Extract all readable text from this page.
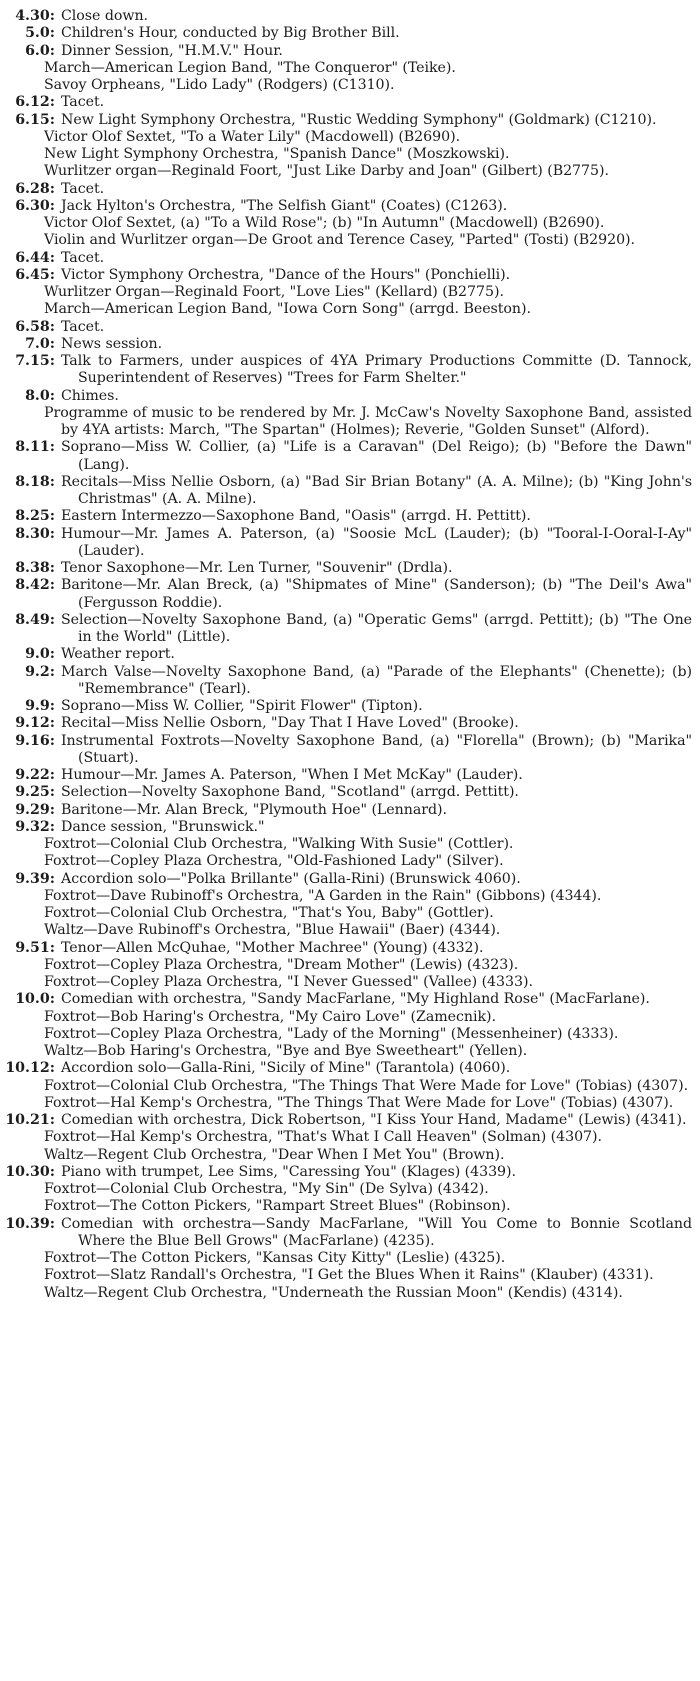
4.30: Close down.

5.0: Children's Hour, conducted by Big Brother Bill.

6.0: Dinner Session, "H.M.V." Hour.

March—American Legion Band, "The Conqueror" (Teike).

Savoy Orpheans, "Lido Lady" (Rodgers) (C1310).

6.12: Tacet.

6.15: New Light Symphony Orchestra, "Rustic Wedding Symphony" (Goldmark) (C1210).

Victor Olof Sextet, "To a Water Lily" (Macdowell) (B2690).

New Light Symphony Orchestra, "Spanish Dance" (Moszkowski).

Wurlitzer organ—Reginald Foort, "Just Like Darby and Joan" (Gilbert) (B2775).

6.28: Tacet.

6.30: Jack Hylton's Orchestra, "The Selfish Giant" (Coates) (C1263).

Victor Olof Sextet, (a) "To a Wild Rose"; (b) "In Autumn" (Macdowell) (B2690).

Violin and Wurlitzer organ—De Groot and Terence Casey, "Parted" (Tosti) (B2920).

6.44: Tacet.

6.45: Victor Symphony Orchestra, "Dance of the Hours" (Ponchielli).

Wurlitzer Organ—Reginald Foort, "Love Lies" (Kellard) (B2775).

March—American Legion Band, "Iowa Corn Song" (arrgd. Beeston).

6.58: Tacet.

7.0: News session.

7.15: Talk to Farmers, under auspices of 4YA Primary Productions Committe (D. Tannock, Superintendent of Reserves) "Trees for Farm Shelter."

8.0: Chimes.

Programme of music to be rendered by Mr. J. McCaw's Novelty Saxophone Band, assisted by 4YA artists: March, "The Spartan" (Holmes); Reverie, "Golden Sunset" (Alford).

8.11: Soprano—Miss W. Collier, (a) "Life is a Caravan" (Del Reigo); (b) "Before the Dawn" (Lang).

8.18: Recitals—Miss Nellie Osborn, (a) "Bad Sir Brian Botany" (A. A. Milne); (b) "King John's Christmas" (A. A. Milne).

8.25: Eastern Intermezzo—Saxophone Band, "Oasis" (arrgd. H. Pettitt).

8.30: Humour—Mr. James A. Paterson, (a) "Soosie McL (Lauder); (b) "Tooral-I-Ooral-I-Ay" (Lauder).

8.38: Tenor Saxophone—Mr. Len Turner, "Souvenir" (Drdla).

8.42: Baritone—Mr. Alan Breck, (a) "Shipmates of Mine" (Sanderson); (b) "The Deil's Awa" (Fergusson Roddie).

8.49: Selection—Novelty Saxophone Band, (a) "Operatic Gems" (arrgd. Pettitt); (b) "The One in the World" (Little).

9.0: Weather report.

9.2: March Valse—Novelty Saxophone Band, (a) "Parade of the Elephants" (Chenette); (b) "Remembrance" (Tearl).

9.9: Soprano—Miss W. Collier, "Spirit Flower" (Tipton).

9.12: Recital—Miss Nellie Osborn, "Day That I Have Loved" (Brooke).

9.16: Instrumental Foxtrots—Novelty Saxophone Band, (a) "Florella" (Brown); (b) "Marika" (Stuart).

9.22: Humour—Mr. James A. Paterson, "When I Met McKay" (Lauder).

9.25: Selection—Novelty Saxophone Band, "Scotland" (arrgd. Pettitt).

9.29: Baritone—Mr. Alan Breck, "Plymouth Hoe" (Lennard).

9.32: Dance session, "Brunswick."

Foxtrot—Colonial Club Orchestra, "Walking With Susie" (Cottler).

Foxtrot—Copley Plaza Orchestra, "Old-Fashioned Lady" (Silver).

9.39: Accordion solo—"Polka Brillante" (Galla-Rini) (Brunswick 4060).

Foxtrot—Dave Rubinoff's Orchestra, "A Garden in the Rain" (Gibbons) (4344).

Foxtrot—Colonial Club Orchestra, "That's You, Baby" (Gottler).

Waltz—Dave Rubinoff's Orchestra, "Blue Hawaii" (Baer) (4344).

9.51: Tenor—Allen McQuhae, "Mother Machree" (Young) (4332).

Foxtrot—Copley Plaza Orchestra, "Dream Mother" (Lewis) (4323).

Foxtrot—Copley Plaza Orchestra, "I Never Guessed" (Vallee) (4333).

10.0: Comedian with orchestra, "Sandy MacFarlane, "My Highland Rose" (MacFarlane).

Foxtrot—Bob Haring's Orchestra, "My Cairo Love" (Zamecnik).

Foxtrot—Copley Plaza Orchestra, "Lady of the Morning" (Messenheiner) (4333).

Waltz—Bob Haring's Orchestra, "Bye and Bye Sweetheart" (Yellen).

10.12: Accordion solo—Galla-Rini, "Sicily of Mine" (Tarantola) (4060).

Foxtrot—Colonial Club Orchestra, "The Things That Were Made for Love" (Tobias) (4307).

Foxtrot—Hal Kemp's Orchestra, "The Things That Were Made for Love" (Tobias) (4307).

10.21: Comedian with orchestra, Dick Robertson, "I Kiss Your Hand, Madame" (Lewis) (4341).

Foxtrot—Hal Kemp's Orchestra, "That's What I Call Heaven" (Solman) (4307).

Waltz—Regent Club Orchestra, "Dear When I Met You" (Brown).

10.30: Piano with trumpet, Lee Sims, "Caressing You" (Klages) (4339).

Foxtrot—Colonial Club Orchestra, "My Sin" (De Sylva) (4342).

Foxtrot—The Cotton Pickers, "Rampart Street Blues" (Robinson).

10.39: Comedian with orchestra—Sandy MacFarlane, "Will You Come to Bonnie Scotland Where the Blue Bell Grows" (MacFarlane) (4235).

Foxtrot—The Cotton Pickers, "Kansas City Kitty" (Leslie) (4325).

Foxtrot—Slatz Randall's Orchestra, "I Get the Blues When it Rains" (Klauber) (4331).

Waltz—Regent Club Orchestra, "Underneath the Russian Moon" (Kendis) (4314).
